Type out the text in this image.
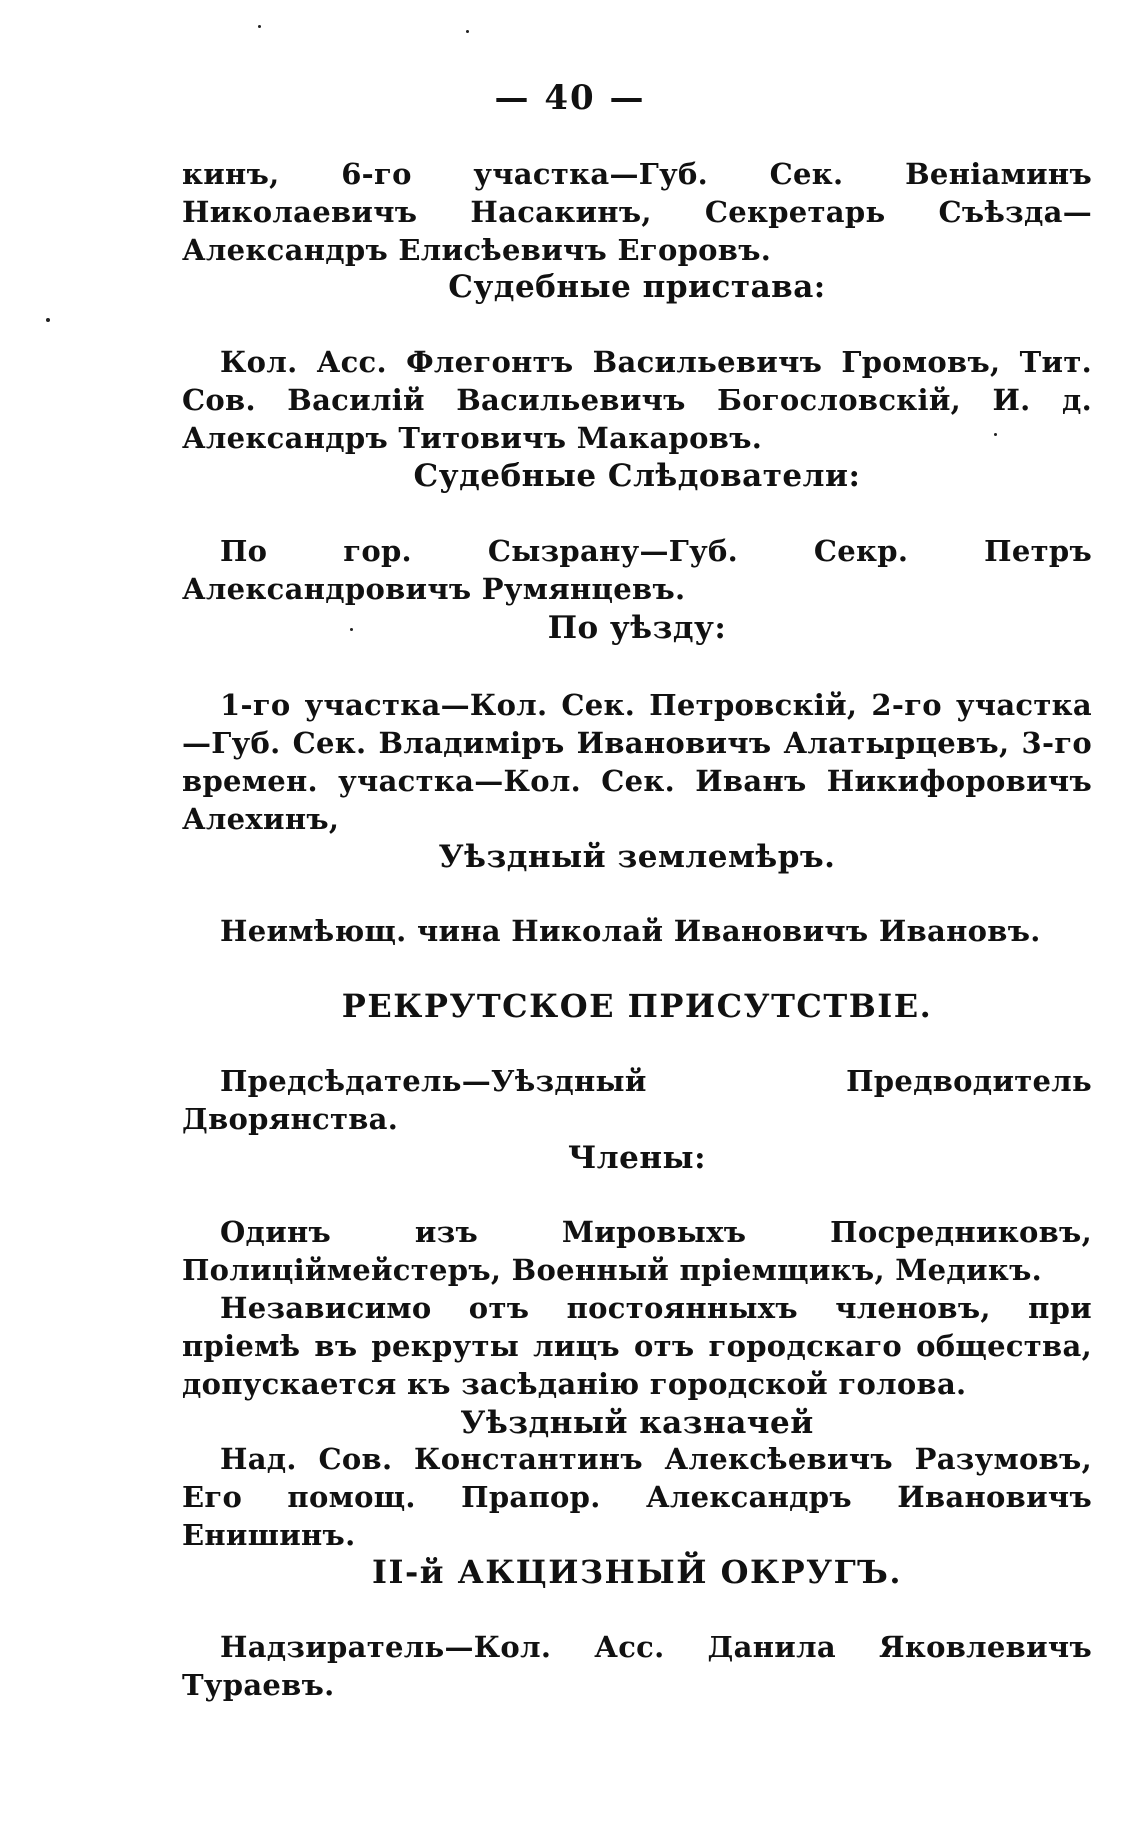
— 40 —
кинъ, 6-го участка—Губ. Сек. Веніаминъ Николаевичъ Насакинъ, Секретарь Съѣзда—Александръ Елисѣевичъ Егоровъ.
Судебные пристава:
Кол. Асс. Флегонтъ Васильевичъ Громовъ, Тит. Сов. Василій Васильевичъ Богословскій, И. д. Александръ Титовичъ Макаровъ.
Судебные Слѣдователи:
По гор. Сызрану—Губ. Секр. Петръ Александровичъ Румянцевъ.
По уѣзду:
1-го участка—Кол. Сек. Петровскій, 2-го участка—Губ. Сек. Владиміръ Ивановичъ Алатырцевъ, 3-го времен. участка—Кол. Сек. Иванъ Никифоровичъ Алехинъ,
Уѣздный землемѣръ.
Неимѣющ. чина Николай Ивановичъ Ивановъ.
РЕКРУТСКОЕ ПРИСУТСТВІЕ.
Предсѣдатель—Уѣздный Предводитель Дворянства.
Члены:
Одинъ изъ Мировыхъ Посредниковъ, Полиціймейстеръ, Военный пріемщикъ, Медикъ.
Независимо отъ постоянныхъ членовъ, при пріемѣ въ рекруты лицъ отъ городскаго общества, допускается къ засѣданію городской голова.
Уѣздный казначей
Над. Сов. Константинъ Алексѣевичъ Разумовъ, Его помощ. Прапор. Александръ Ивановичъ Енишинъ.
II-й АКЦИЗНЫЙ ОКРУГЪ.
Надзиратель—Кол. Асс. Данила Яковлевичъ Тураевъ.
